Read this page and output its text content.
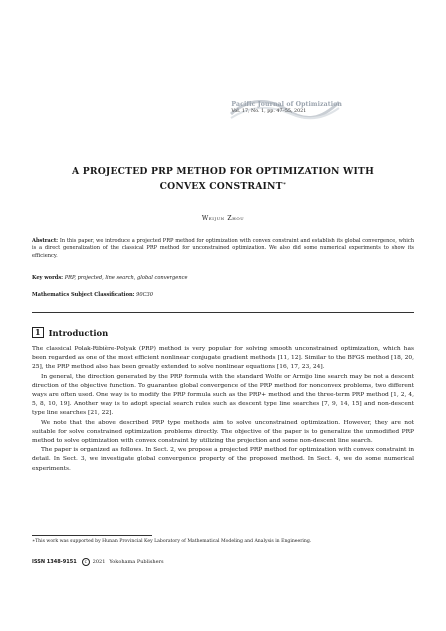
Pacific Journal of Optimization
Vol. 17, No. 1, pp. 47–55, 2021
A PROJECTED PRP METHOD FOR OPTIMIZATION WITH
CONVEX CONSTRAINT∗
Weijun Zhou
Abstract: In this paper, we introduce a projected PRP method for optimization with convex constraint and establish its global convergence, which is a direct generalization of the classical PRP method for unconstrained optimization. We also did some numerical experiments to show its efficiency.
Key words: PRP, projected, line search, global convergence
Mathematics Subject Classification: 90C30
1 Introduction

The classical Polak-Ribière-Polyak (PRP) method is very popular for solving smooth unconstrained optimization, which has been regarded as one of the most efficient nonlinear conjugate gradient methods [11, 12]. Similar to the BFGS method [18, 20, 25], the PRP method also has been greatly extended to solve nonlinear equations [16, 17, 23, 24].

In general, the direction generated by the PRP formula with the standard Wolfe or Armijo line search may be not a descent direction of the objective function. To guarantee global convergence of the PRP method for nonconvex problems, two different ways are often used. One way is to modify the PRP formula such as the PRP+ method and the three-term PRP method [1, 2, 4, 5, 8, 10, 19]. Another way is to adopt special search rules such as descent type line searches [7, 9, 14, 15] and non-descent type line searches [21, 22].

We note that the above described PRP type methods aim to solve unconstrained optimization. However, they are not suitable for solve constrained optimization problems directly. The objective of the paper is to generalize the unmodified PRP method to solve optimization with convex constraint by utilizing the projection and some non-descent line search.

The paper is organized as follows. In Sect. 2, we propose a projected PRP method for optimization with convex constraint in detail. In Sect. 3, we investigate global convergence property of the proposed method. In Sect. 4, we do some numerical experiments.

∗This work was supported by Hunan Provincial Key Laboratory of Mathematical Modeling and Analysis in Engineering.
ISSN 1348-9151	c	2021 Yokohama Publishers
